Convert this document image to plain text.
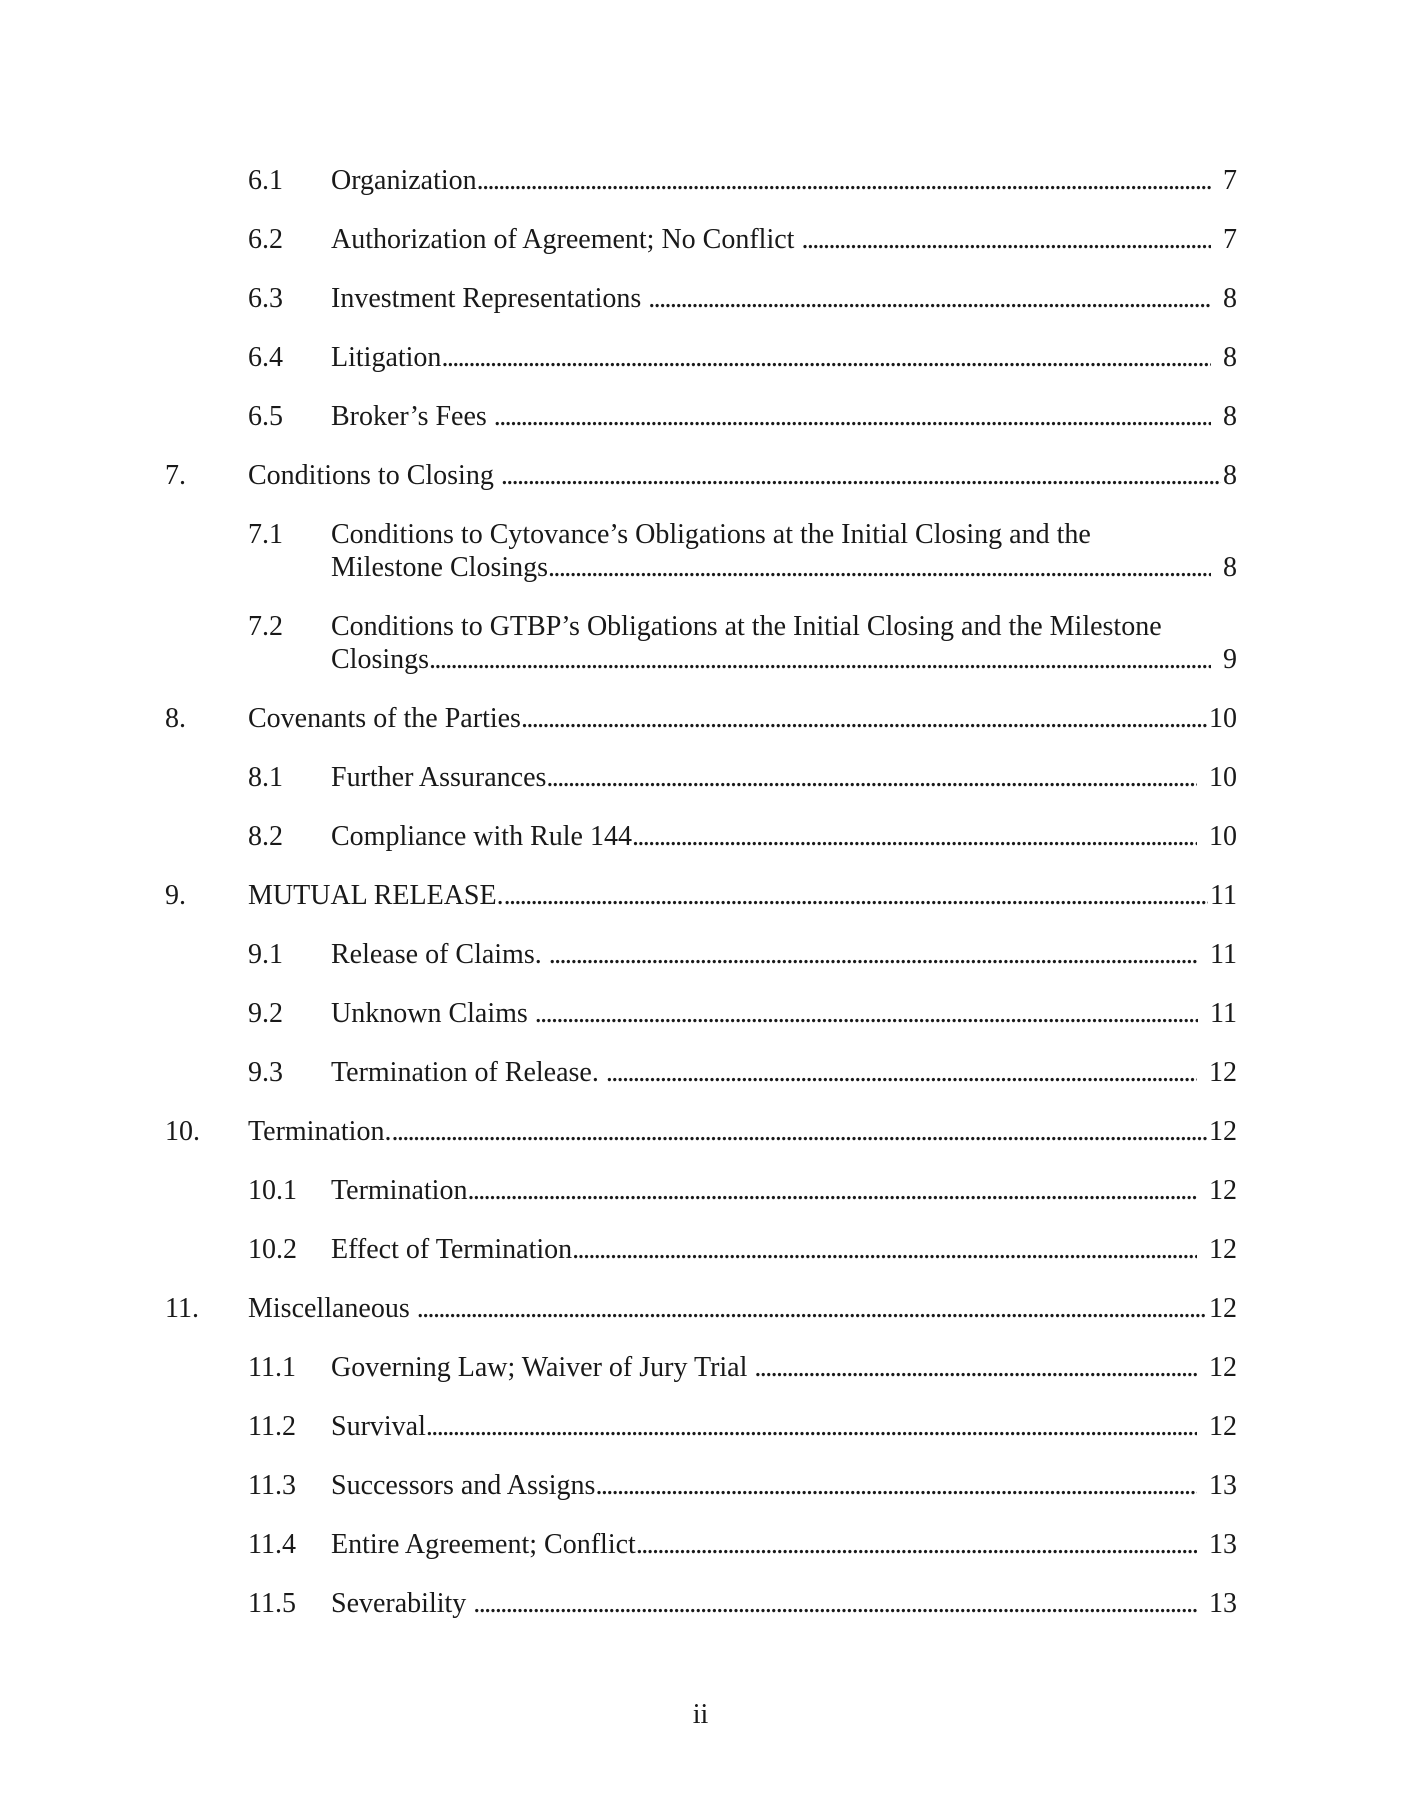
6.1	Organization .....	7
6.2	Authorization of Agreement; No Conflict .....	7
6.3	Investment Representations .....	8
6.4	Litigation .....	8
6.5	Broker’s Fees .....	8
7.	Conditions to Closing .....	8
7.1	Conditions to Cytovance’s Obligations at the Initial Closing and the
Milestone Closings .....	8
7.2	Conditions to GTBP’s Obligations at the Initial Closing and the Milestone
Closings .....	9
8.	Covenants of the Parties .....	10
8.1	Further Assurances .....	10
8.2	Compliance with Rule 144 .....	10
9.	MUTUAL RELEASE. .....	11
9.1	Release of Claims. .....	11
9.2	Unknown Claims .....	11
9.3	Termination of Release. .....	12
10.	Termination. .....	12
10.1	Termination .....	12
10.2	Effect of Termination .....	12
11.	Miscellaneous .....	12
11.1	Governing Law; Waiver of Jury Trial .....	12
11.2	Survival .....	12
11.3	Successors and Assigns .....	13
11.4	Entire Agreement; Conflict .....	13
11.5	Severability .....	13
ii
